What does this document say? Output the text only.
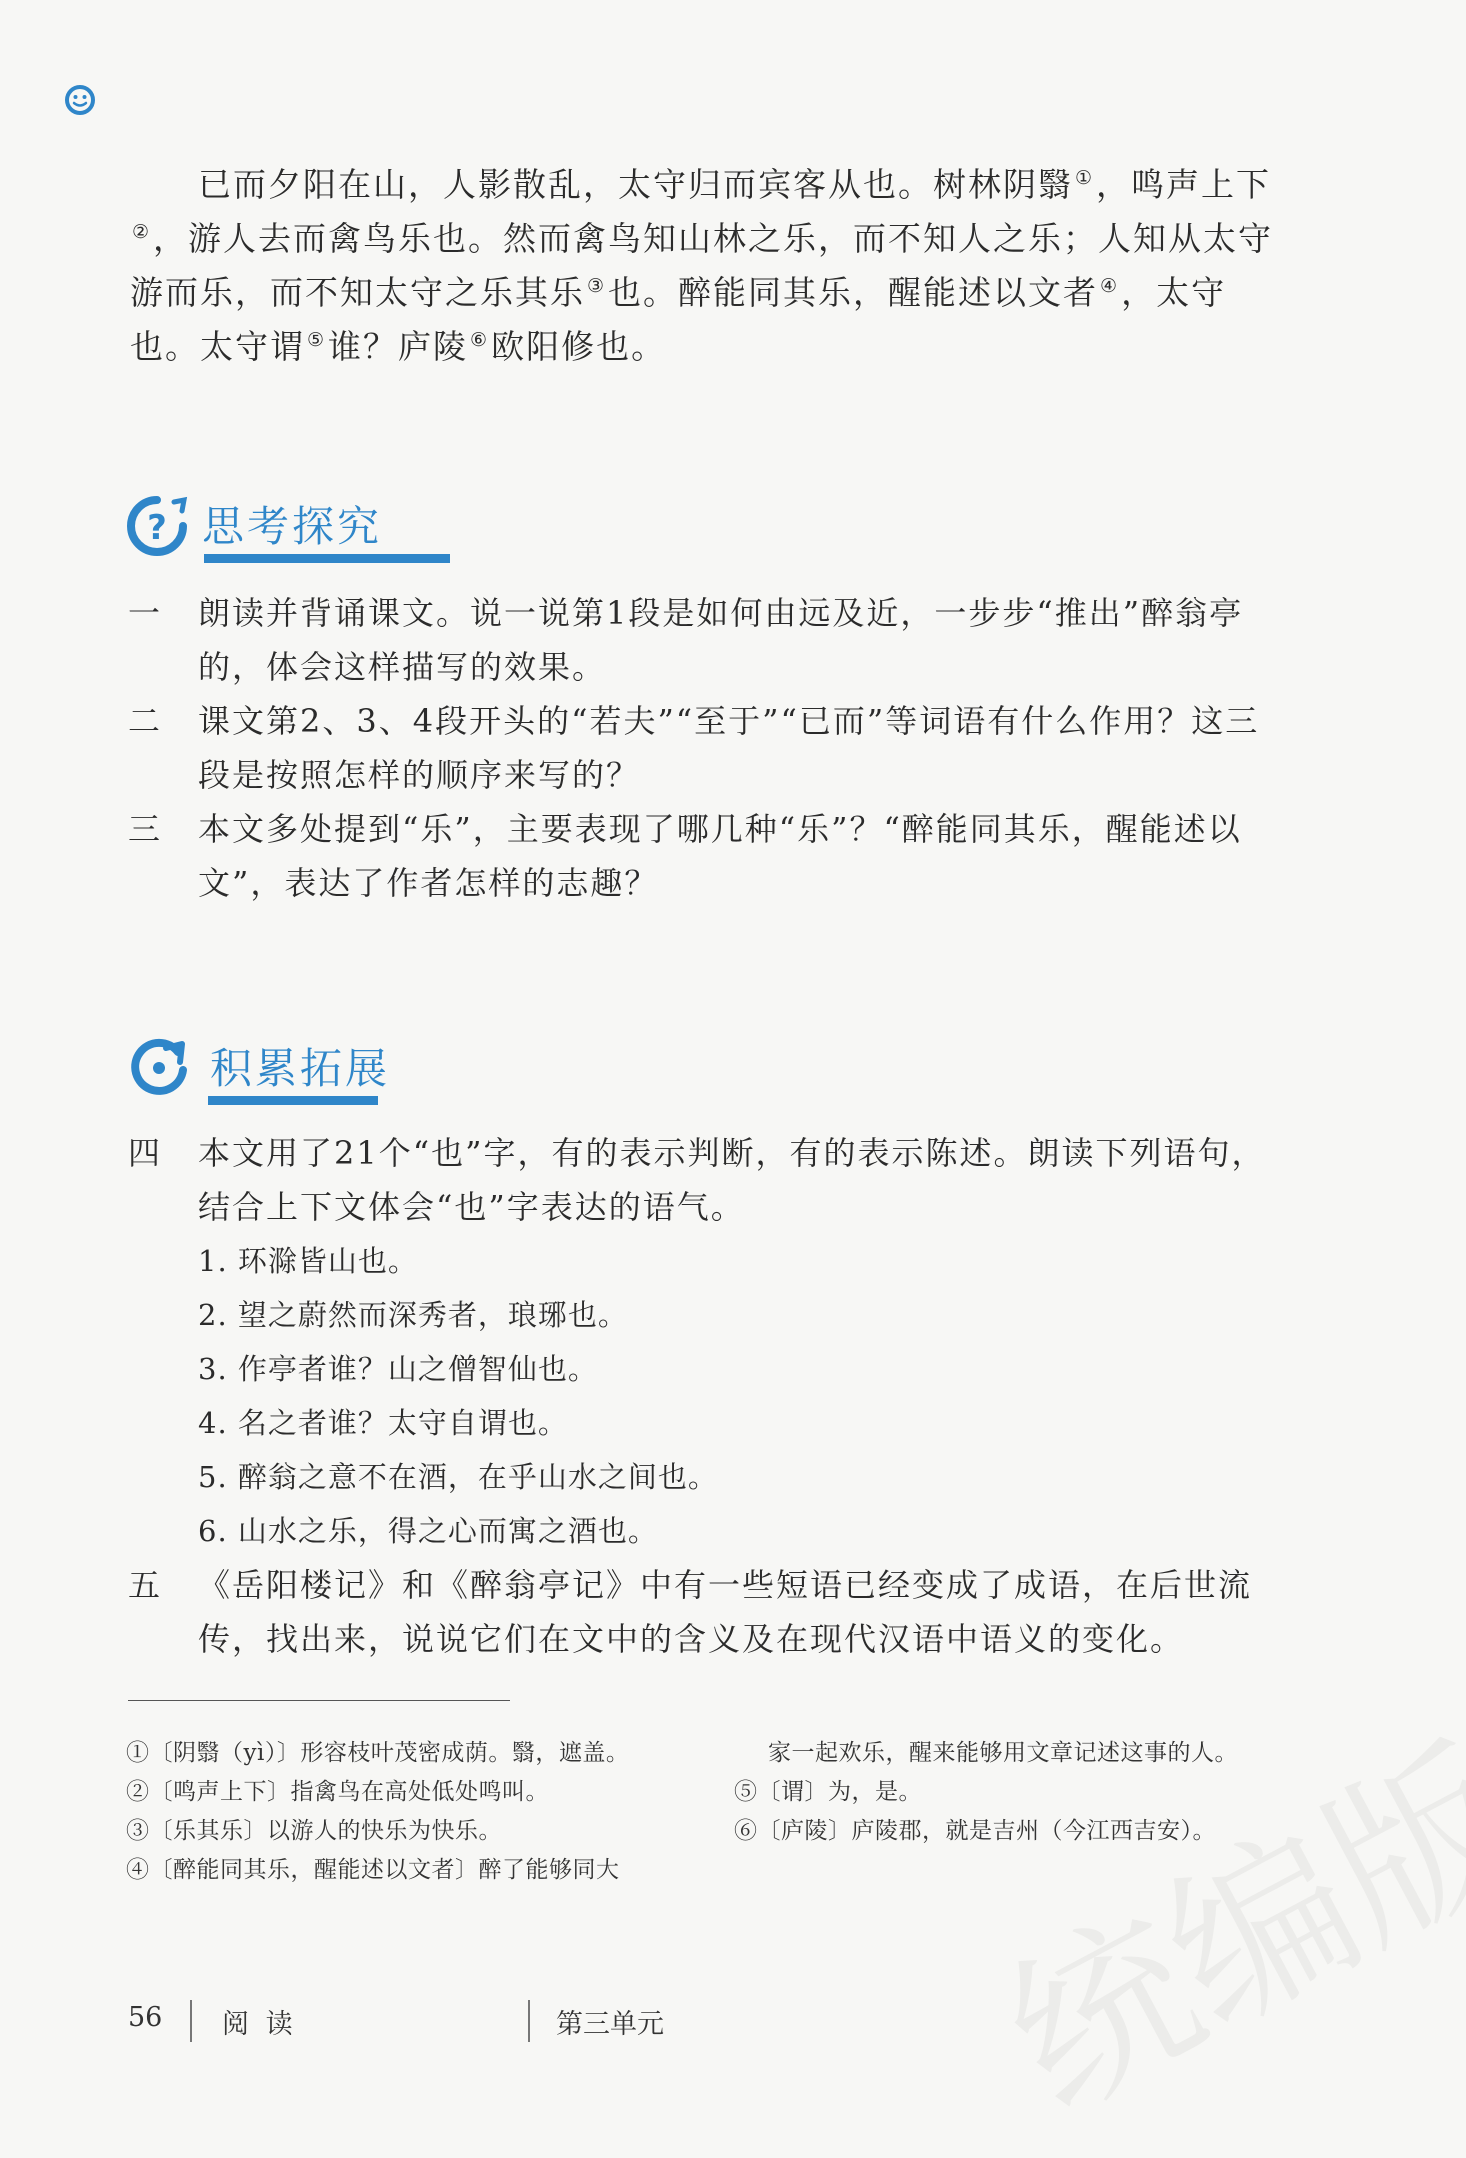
已而夕阳在山，人影散乱，太守归而宾客从也。树林阴翳 ①，鸣声上下②，游人去而禽鸟乐也。然而禽鸟知山林之乐，而不知人之乐；人知从太守游而乐，而不知太守之乐其乐 ③也。醉能同其乐，醒能述以文者 ④，太守也。太守谓 ⑤谁？庐陵 ⑥欧阳修也。

? 思考探究
一	朗读并背诵课文。说一说第1段是如何由远及近，一步步“推出”醉翁亭的，体会这样描写的效果。
二	课文第2、3、4段开头的“若夫”“至于”“已而”等词语有什么作用？这三段是按照怎样的顺序来写的？
三	本文多处提到“乐”，主要表现了哪几种“乐”？“醉能同其乐，醒能述以文”，表达了作者怎样的志趣？
积累拓展
四	本文用了21个“也”字，有的表示判断，有的表示陈述。朗读下列语句，结合上下文体会“也”字表达的语气。
1. 环滁皆山也。
2. 望之蔚然而深秀者，琅琊也。
3. 作亭者谁？山之僧智仙也。
4. 名之者谁？太守自谓也。
5. 醉翁之意不在酒，在乎山水之间也。
6. 山水之乐，得之心而寓之酒也。
五	《岳阳楼记》和《醉翁亭记》中有一些短语已经变成了成语，在后世流传，找出来，说说它们在文中的含义及在现代汉语中语义的变化。
①〔阴翳（yì）〕形容枝叶茂密成荫。翳，遮盖。
②〔鸣声上下〕指禽鸟在高处低处鸣叫。
③〔乐其乐〕以游人的快乐为快乐。
④〔醉能同其乐，醒能述以文者〕醉了能够同大
家一起欢乐，醒来能够用文章记述这事的人。
⑤〔谓〕为，是。
⑥〔庐陵〕庐陵郡，就是吉州（今江西吉安）。
56 阅 读	第三单元
